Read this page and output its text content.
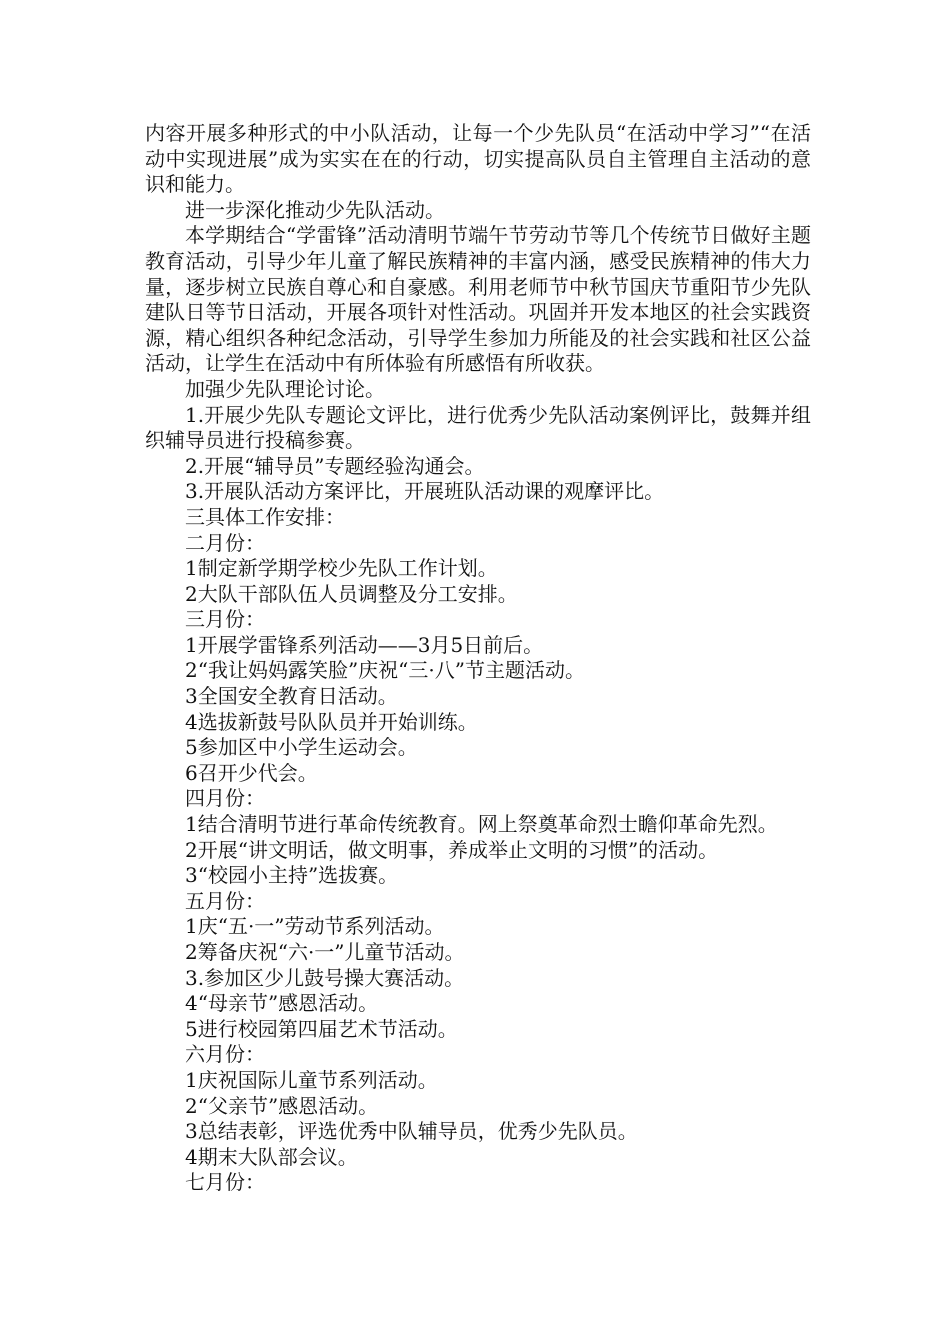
内容开展多种形式的中小队活动，让每一个少先队员“在活动中学习”“在活动中实现进展”成为实实在在的行动，切实提高队员自主管理自主活动的意识和能力。

进一步深化推动少先队活动。

本学期结合“学雷锋”活动清明节端午节劳动节等几个传统节日做好主题教育活动，引导少年儿童了解民族精神的丰富内涵，感受民族精神的伟大力量，逐步树立民族自尊心和自豪感。利用老师节中秋节国庆节重阳节少先队建队日等节日活动，开展各项针对性活动。巩固并开发本地区的社会实践资源，精心组织各种纪念活动，引导学生参加力所能及的社会实践和社区公益活动，让学生在活动中有所体验有所感悟有所收获。

加强少先队理论讨论。

1.开展少先队专题论文评比，进行优秀少先队活动案例评比，鼓舞并组织辅导员进行投稿参赛。

2.开展“辅导员”专题经验沟通会。

3.开展队活动方案评比，开展班队活动课的观摩评比。

三具体工作安排：

二月份：

1制定新学期学校少先队工作计划。

2大队干部队伍人员调整及分工安排。

三月份：

1开展学雷锋系列活动——3月5日前后。

2“我让妈妈露笑脸”庆祝“三·八”节主题活动。

3全国安全教育日活动。

4选拔新鼓号队队员并开始训练。

5参加区中小学生运动会。

6召开少代会。

四月份：

1结合清明节进行革命传统教育。网上祭奠革命烈士瞻仰革命先烈。

2开展“讲文明话，做文明事，养成举止文明的习惯”的活动。

3“校园小主持”选拔赛。

五月份：

1庆“五·一”劳动节系列活动。

2筹备庆祝“六·一”儿童节活动。

3.参加区少儿鼓号操大赛活动。

4“母亲节”感恩活动。

5进行校园第四届艺术节活动。

六月份：

1庆祝国际儿童节系列活动。

2“父亲节”感恩活动。

3总结表彰，评选优秀中队辅导员，优秀少先队员。

4期末大队部会议。

七月份：
